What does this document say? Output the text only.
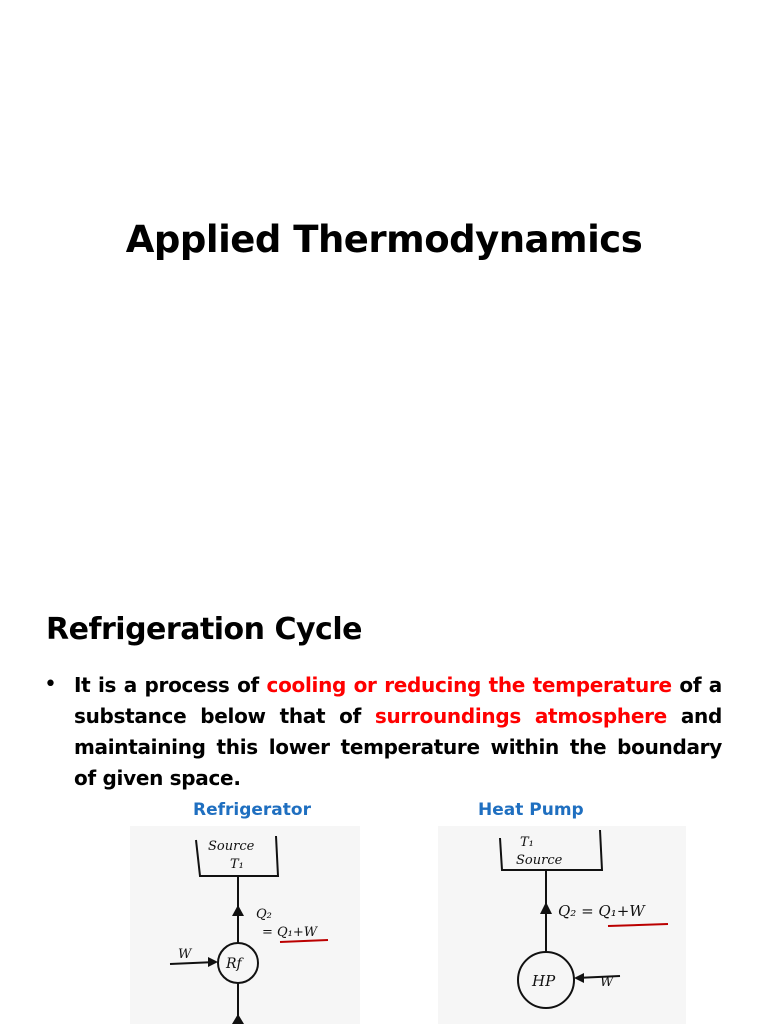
Applied Thermodynamics
Refrigeration Cycle
• It is a process of cooling or reducing the temperature of a substance below that of surroundings atmosphere and maintaining this lower temperature within the boundary of given space.
Refrigerator	Heat Pump
Source
T₁
Q₂
= Q₁+W
Rf
W
T₁
Source
Q₂ = Q₁+W
HP	W
